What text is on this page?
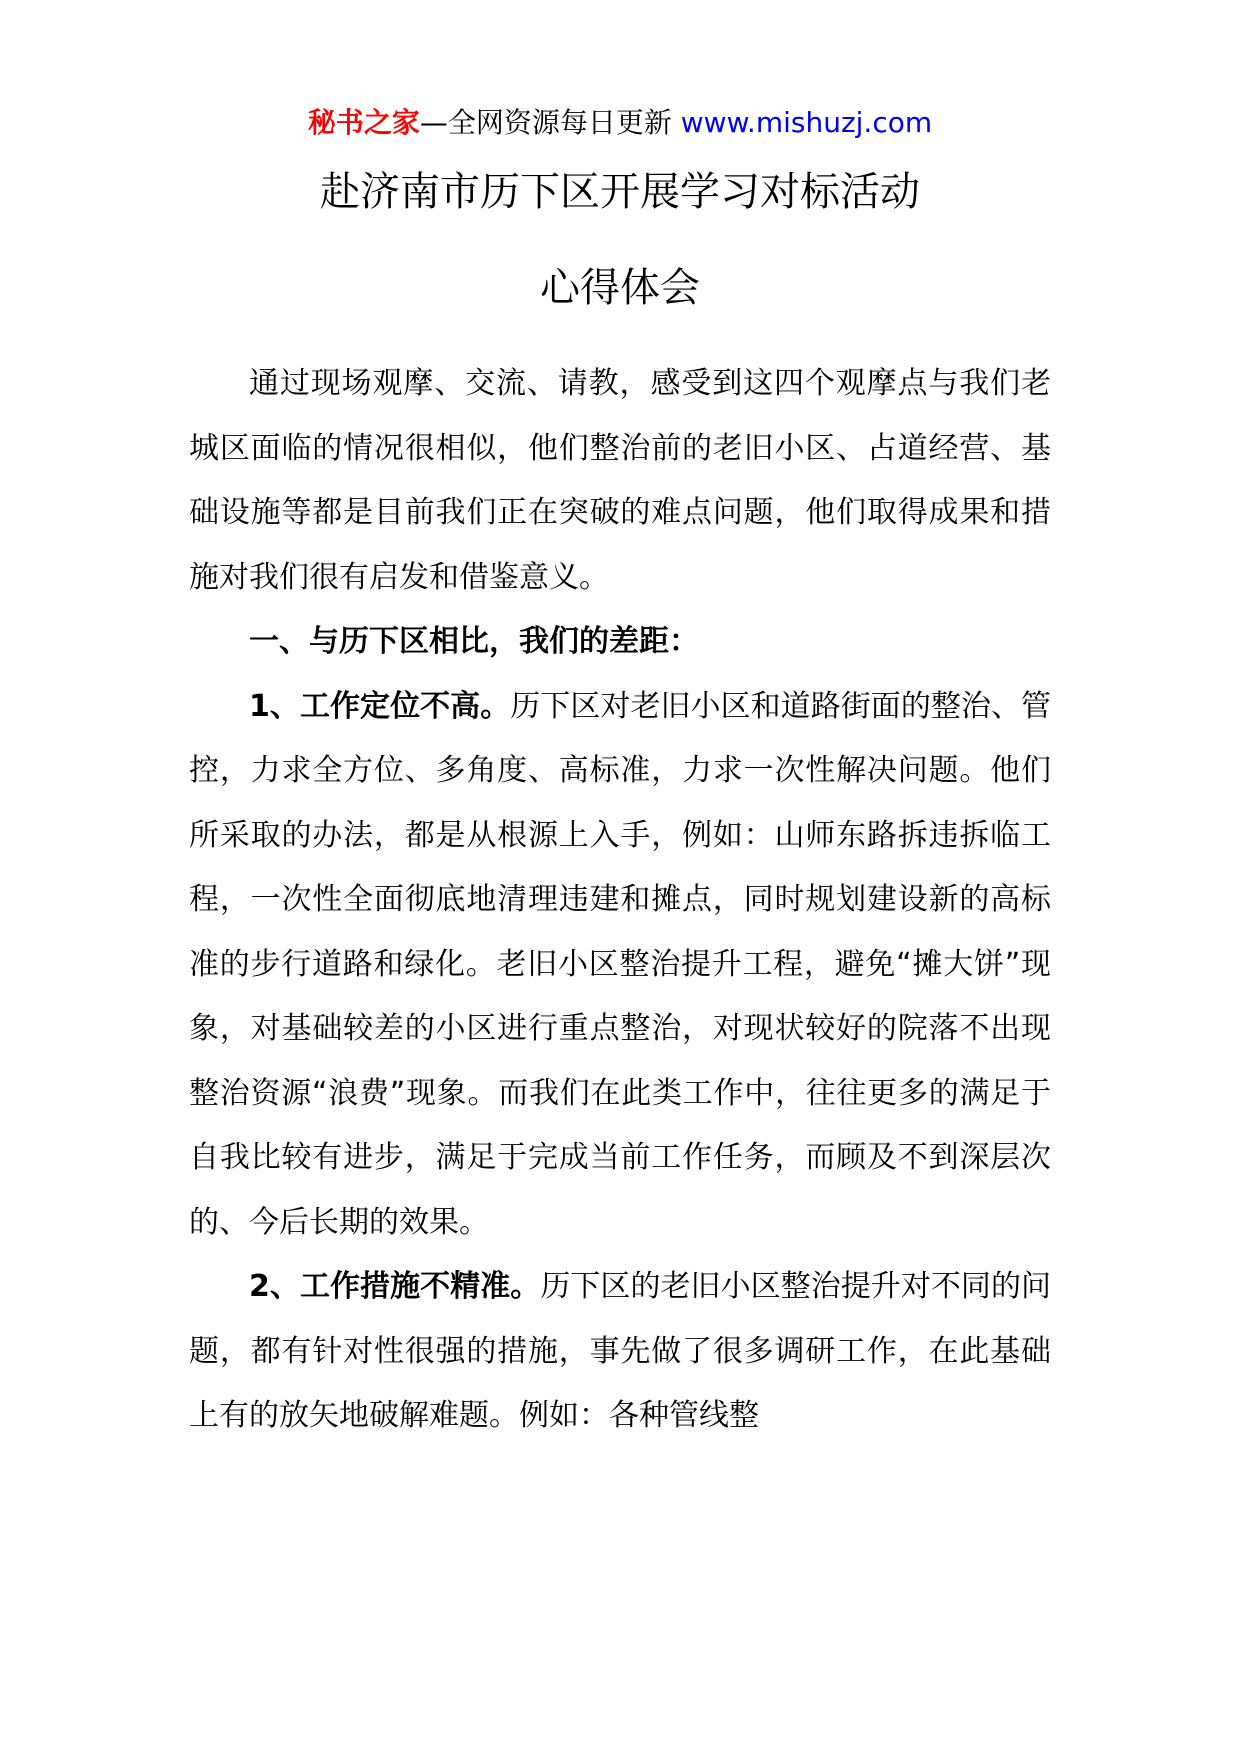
秘书之家—全网资源每日更新 www.mishuzj.com
赴济南市历下区开展学习对标活动
心得体会

通过现场观摩、交流、请教，感受到这四个观摩点与我们老城区面临的情况很相似，他们整治前的老旧小区、占道经营、基础设施等都是目前我们正在突破的难点问题，他们取得成果和措施对我们很有启发和借鉴意义。

一、与历下区相比，我们的差距：

1、工作定位不高。历下区对老旧小区和道路街面的整治、管控，力求全方位、多角度、高标准，力求一次性解决问题。他们所采取的办法，都是从根源上入手，例如：山师东路拆违拆临工程，一次性全面彻底地清理违建和摊点，同时规划建设新的高标准的步行道路和绿化。老旧小区整治提升工程，避免“摊大饼”现象，对基础较差的小区进行重点整治，对现状较好的院落不出现整治资源“浪费”现象。而我们在此类工作中，往往更多的满足于自我比较有进步，满足于完成当前工作任务，而顾及不到深层次的、今后长期的效果。

2、工作措施不精准。历下区的老旧小区整治提升对不同的问题，都有针对性很强的措施，事先做了很多调研工作，在此基础上有的放矢地破解难题。例如：各种管线整
